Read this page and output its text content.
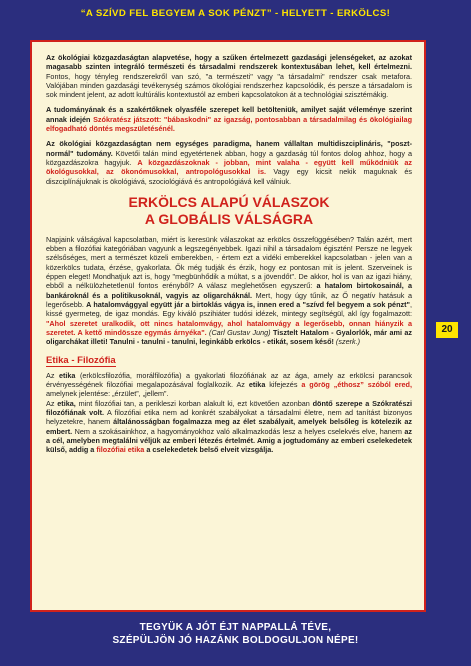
“A SZÍVD FEL BEGYEM A SOK PÉNZT” - HELYETT - ERKÖLCS!
20

Az ökológiai közgazdaságtan alapvetése, hogy a szűken értelmezett gazdasági jelenségeket, az azokat magasabb szinten integráló természeti és társadalmi rendszerek kontextusában lehet, kell értelmezni. Fontos, hogy tényleg rendszerekről van szó, "a természeti" vagy "a társadalmi" rendszer csak metafora. Valójában minden gazdasági tevékenység számos ökológiai rendszerhez kapcsolódik, és persze a társadalom is sok mindent jelent, az adott kultúrális kontextustól az emberi kapcsolatokon át a technológiai szisztémákig.

A tudományának és a szakértőknek olyasféle szerepet kell betölteniük, amilyet saját véleménye szerint annak idején Szókratész játszott: "bábaskodni" az igazság, pontosabban a társadalmilag és ökológiailag elfogadható döntés megszületésénél.

Az ökológiai közgazdaságtan nem egységes paradigma, hanem vállaltan multidiszciplináris, "poszt-normál" tudomány. Követői talán mind egyetértenek abban, hogy a gazdaság túl fontos dolog ahhoz, hogy a közgazdászokra hagyjuk. A közgazdászoknak - jobban, mint valaha - együtt kell működniük az ökológusokkal, az ökonómusokkal, antropológusokkal is. Vagy egy kicsit nekik maguknak és diszciplínájuknak is ökológiává, szociológiává és antropológiává kell válniuk.

ERKÖLCS ALAPÚ VÁLASZOK
A GLOBÁLIS VÁLSÁGRA

Napjaink válságával kapcsolatban, miért is keresünk válaszokat az erkölcs összefüggésében? Talán azért, mert ebben a filozófiai kategóriában vagyunk a legszegényebbek. Igazi nihil a társadalom égisztén! Persze ne legyek szélsőséges, mert a természet közeli emberekben, - értem ezt a vidéki emberekkel kapcsolatban - jelen van a közerkölcs tudata, érzése, gyakorlata. Ők még tudják és érzik, hogy ez pontosan mit is jelent. Szerveinek is éppen eleget! Mondhatjuk azt is, hogy "megbünhődik a múltat, s a jövendőt". De akkor, hol is van az igazi hiány, ebből a nélkülözhetetlenül fontos erényből? A válasz meglehetősen egyszerű: a hatalom birtokosainál, a bankároknál és a politikusoknál, vagyis az oligarcháknál. Mert, hogy úgy tűnik, az Ő negatív hatásuk a legerősebb. A hatalomvággyal együtt jár a birtoklás vágya is, innen ered a "szívd fel begyem a sok pénzt", kissé gyermeteg, de igaz mondás. Egy kiváló pszihiáter tudósi idézek, mintegy segítségül, akl így fogalmazott: "Ahol szeretet uralkodik, ott nincs hatalomvágy, ahol hatalomvágy a legerősebb, onnan hiányzik a szeretet. A kettő mindössze egymás árnyéka". (Carl Gustav Jung) Tisztelt Hatalom - Gyalorlók, már ami az oligarchákat illeti! Tanulni - tanulni - tanulni, leginkább erkölcs - etikát, sosem késő! (szerk.)

Etika - Filozófia

Az etika (erkölcsfilozófia, morálfilozófia) a gyakorlati filozófiának az az ága, amely az erkölcsi parancsok érvényességének filozófiai megalapozásával foglalkozik. Az etika kifejezés a görög „éthosz” szóból ered, amelynek jelentése: „érzület”, „jellem”.

Az etika, mint filozófiai tan, a perikleszi korban alakult ki, ezt követően azonban döntő szerepe a Szókratészi filozófiának volt. A filozófiai etika nem ad konkrét szabályokat a társadalmi életre, nem ad tanítást bizonyos helyzetekre, hanem általánosságban fogalmazza meg az élet szabályait, amelyek belsőleg is kötelezik az embert. Nem a szokásainkhoz, a hagyományokhoz való alkalmazkodás lesz a helyes cselekvés elve, hanem az a cél, amelyben megtalálni véljük az emberi létezés értelmét. Amig a jogtudomány az emberi cselekedetek külső, addig a filozófiai etika a cselekedetek belső elveit vizsgálja.

TEGYÜK A JÓT ÉJT NAPPALLÁ TÉVE,
SZÉPÜLJÖN JÓ HAZÁNK BOLDOGULJON NÉPE!
